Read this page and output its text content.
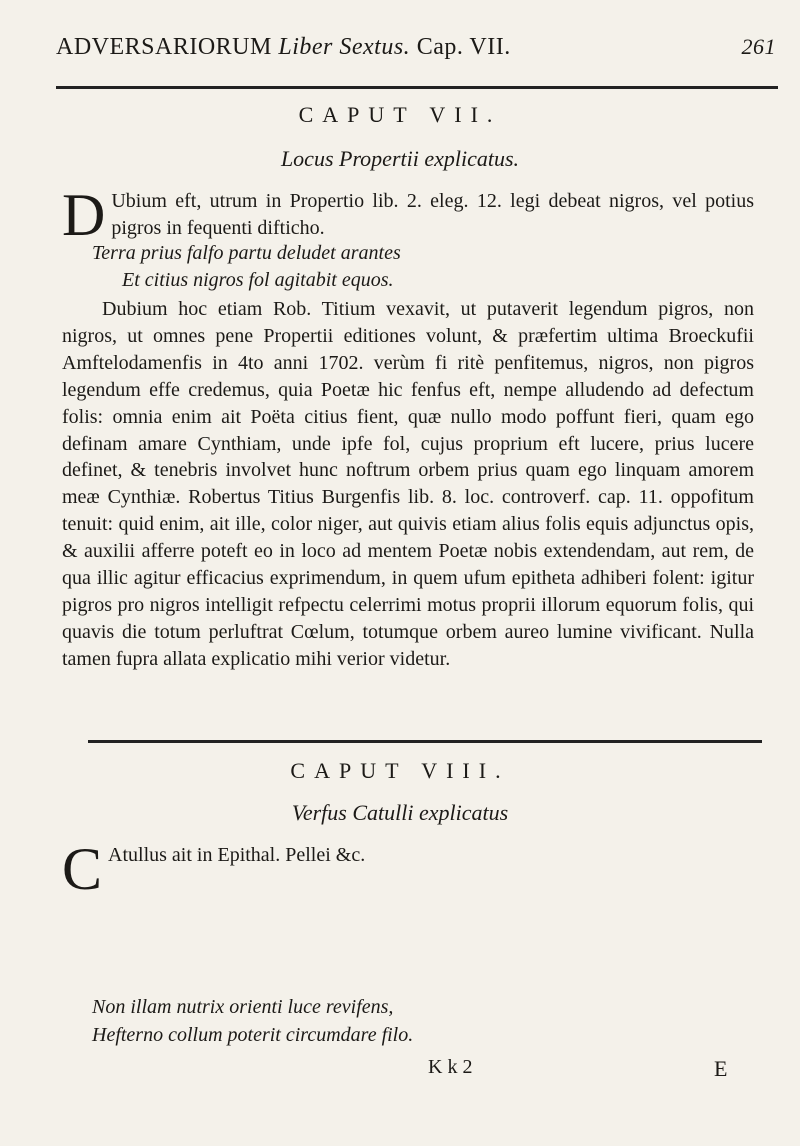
ADVERSARIORUM Liber Sextus. Cap. VII.	261
CAPUT VII.
Locus Propertii explicatus.

D Ubium eft, utrum in Propertio lib. 2. eleg. 12. legi debeat nigros, vel potius pigros in fequenti difticho.

Terra prius falfo partu deludet arantes
Et citius nigros fol agitabit equos.

Dubium hoc etiam Rob. Titium vexavit, ut putaverit legendum pigros, non nigros, ut omnes pene Propertii editiones volunt, & præfertim ultima Broeckufii Amftelodamenfis in 4to anni 1702. verùm fi ritè penfitemus, nigros, non pigros legendum effe credemus, quia Poetæ hic fenfus eft, nempe alludendo ad defectum folis: omnia enim ait Poëta citius fient, quæ nullo modo poffunt fieri, quam ego definam amare Cynthiam, unde ipfe fol, cujus proprium eft lucere, prius lucere definet, & tenebris involvet hunc noftrum orbem prius quam ego linquam amorem meæ Cynthiæ. Robertus Titius Burgenfis lib. 8. loc. controverf. cap. 11. oppofitum tenuit: quid enim, ait ille, color niger, aut quivis etiam alius folis equis adjunctus opis, & auxilii afferre poteft eo in loco ad mentem Poetæ nobis extendendam, aut rem, de qua illic agitur efficacius exprimendum, in quem ufum epitheta adhiberi folent: igitur pigros pro nigros intelligit refpectu celerrimi motus proprii illorum equorum folis, qui quavis die totum perluftrat Cœlum, totumque orbem aureo lumine vivificant. Nulla tamen fupra allata explicatio mihi verior videtur.

CAPUT VIII.
Verfus Catulli explicatus

C Atullus ait in Epithal. Pellei &c.

Non illam nutrix orienti luce revifens,
Hefterno collum poterit circumdare filo.
K k 2	E
